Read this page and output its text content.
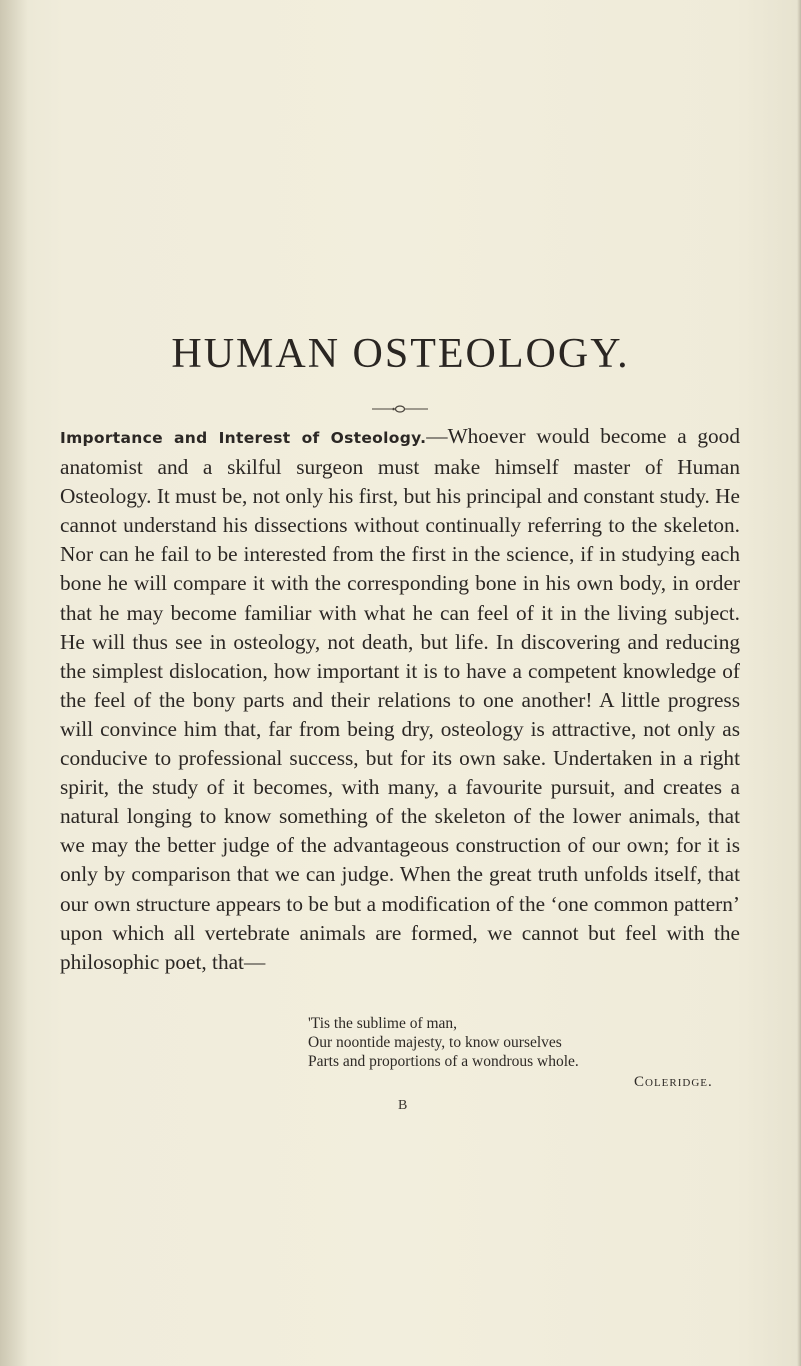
HUMAN OSTEOLOGY.

Importance and Interest of Osteology.—Whoever would become a good anatomist and a skilful surgeon must make himself master of Human Osteology. It must be, not only his first, but his principal and constant study. He cannot understand his dissections without continually referring to the skeleton. Nor can he fail to be interested from the first in the science, if in studying each bone he will compare it with the corresponding bone in his own body, in order that he may become familiar with what he can feel of it in the living subject. He will thus see in osteology, not death, but life. In discovering and reducing the simplest dislocation, how important it is to have a competent knowledge of the feel of the bony parts and their relations to one another! A little progress will convince him that, far from being dry, osteology is attractive, not only as conducive to professional success, but for its own sake. Undertaken in a right spirit, the study of it becomes, with many, a favourite pursuit, and creates a natural longing to know something of the skeleton of the lower animals, that we may the better judge of the advantageous construction of our own; for it is only by comparison that we can judge. When the great truth unfolds itself, that our own structure appears to be but a modification of the ‘one common pattern’ upon which all vertebrate animals are formed, we cannot but feel with the philosophic poet, that—

'Tis the sublime of man,
Our noontide majesty, to know ourselves
Parts and proportions of a wondrous whole.
Coleridge.
B
